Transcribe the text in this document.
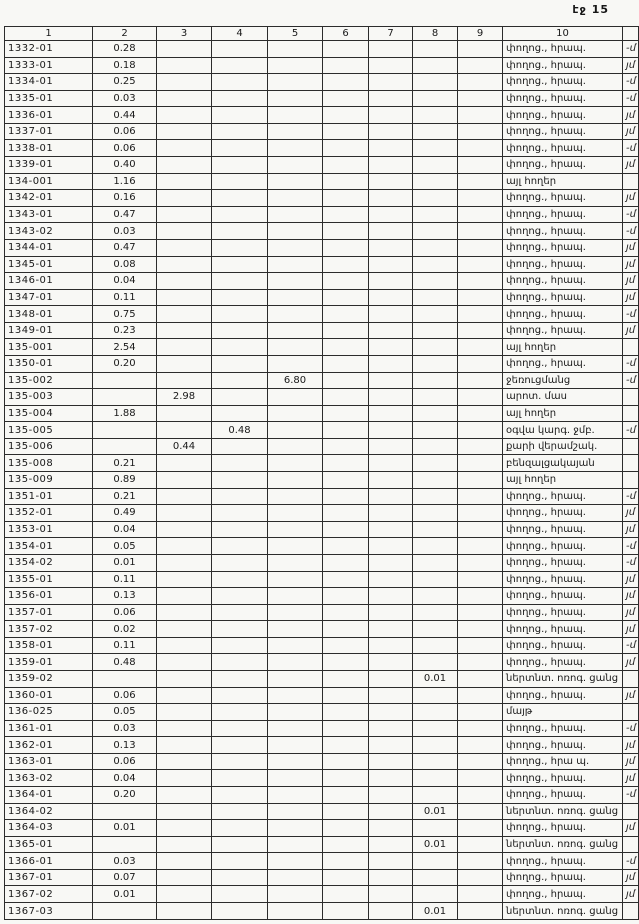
էջ 15
1	2	3	4	5	6	7	8	9	10	
1332-01	0.28								փողոց., հրապ.	-մ
1333-01	0.18								փողոց., հրապ.	յմ
1334-01	0.25								փողոց., հրապ.	-մ
1335-01	0.03								փողոց., հրապ.	-մ
1336-01	0.44								փողոց., հրապ.	յմ
1337-01	0.06								փողոց., հրապ.	յմ
1338-01	0.06								փողոց., հրապ.	-մ
1339-01	0.40								փողոց., հրապ.	յմ
134-001	1.16								այլ հողեր	
1342-01	0.16								փողոց., հրապ.	յմ
1343-01	0.47								փողոց., հրապ.	-մ
1343-02	0.03								փողոց., հրապ.	-մ
1344-01	0.47								փողոց., հրապ.	յմ
1345-01	0.08								փողոց., հրապ.	յմ
1346-01	0.04								փողոց., հրապ.	յմ
1347-01	0.11								փողոց., հրապ.	յմ
1348-01	0.75								փողոց., հրապ.	-մ
1349-01	0.23								փողոց., հրապ.	յմ
135-001	2.54								այլ հողեր	
1350-01	0.20								փողոց., հրապ.	-մ
135-002				6.80					ջեռուցմանց	-մ
135-003		2.98							արոտ. մաս	
135-004	1.88								այլ հողեր	
135-005			0.48						օգվա կարգ. ջմբ.	-մ
135-006		0.44							քարի վերամշակ.	
135-008	0.21								բենզալցակայան	
135-009	0.89								այլ հողեր	
1351-01	0.21								փողոց., հրապ.	-մ
1352-01	0.49								փողոց., հրապ.	յմ
1353-01	0.04								փողոց., հրապ.	յմ
1354-01	0.05								փողոց., հրապ.	-մ
1354-02	0.01								փողոց., հրապ.	-մ
1355-01	0.11								փողոց., հրապ.	յմ
1356-01	0.13								փողոց., հրապ.	յմ
1357-01	0.06								փողոց., հրապ.	յմ
1357-02	0.02								փողոց., հրապ.	յմ
1358-01	0.11								փողոց., հրապ.	-մ
1359-01	0.48								փողոց., հրապ.	յմ
1359-02							0.01		ներտնտ. ոռոգ. ցանց	
1360-01	0.06								փողոց., հրապ.	յմ
136-025	0.05								մայթ	
1361-01	0.03								փողոց., հրապ.	-մ
1362-01	0.13								փողոց., հրապ.	յմ
1363-01	0.06								փողոց., հրա պ.	յմ
1363-02	0.04								փողոց., հրապ.	յմ
1364-01	0.20								փողոց., հրապ.	-մ
1364-02							0.01		ներտնտ. ոռոգ. ցանց	
1364-03	0.01								փողոց., հրապ.	յմ
1365-01							0.01		ներտնտ. ոռոգ. ցանց	
1366-01	0.03								փողոց., հրապ.	-մ
1367-01	0.07								փողոց., հրապ.	յմ
1367-02	0.01								փողոց., հրապ.	յմ
1367-03							0.01		ներտնտ. ոռոգ. ցանց	
